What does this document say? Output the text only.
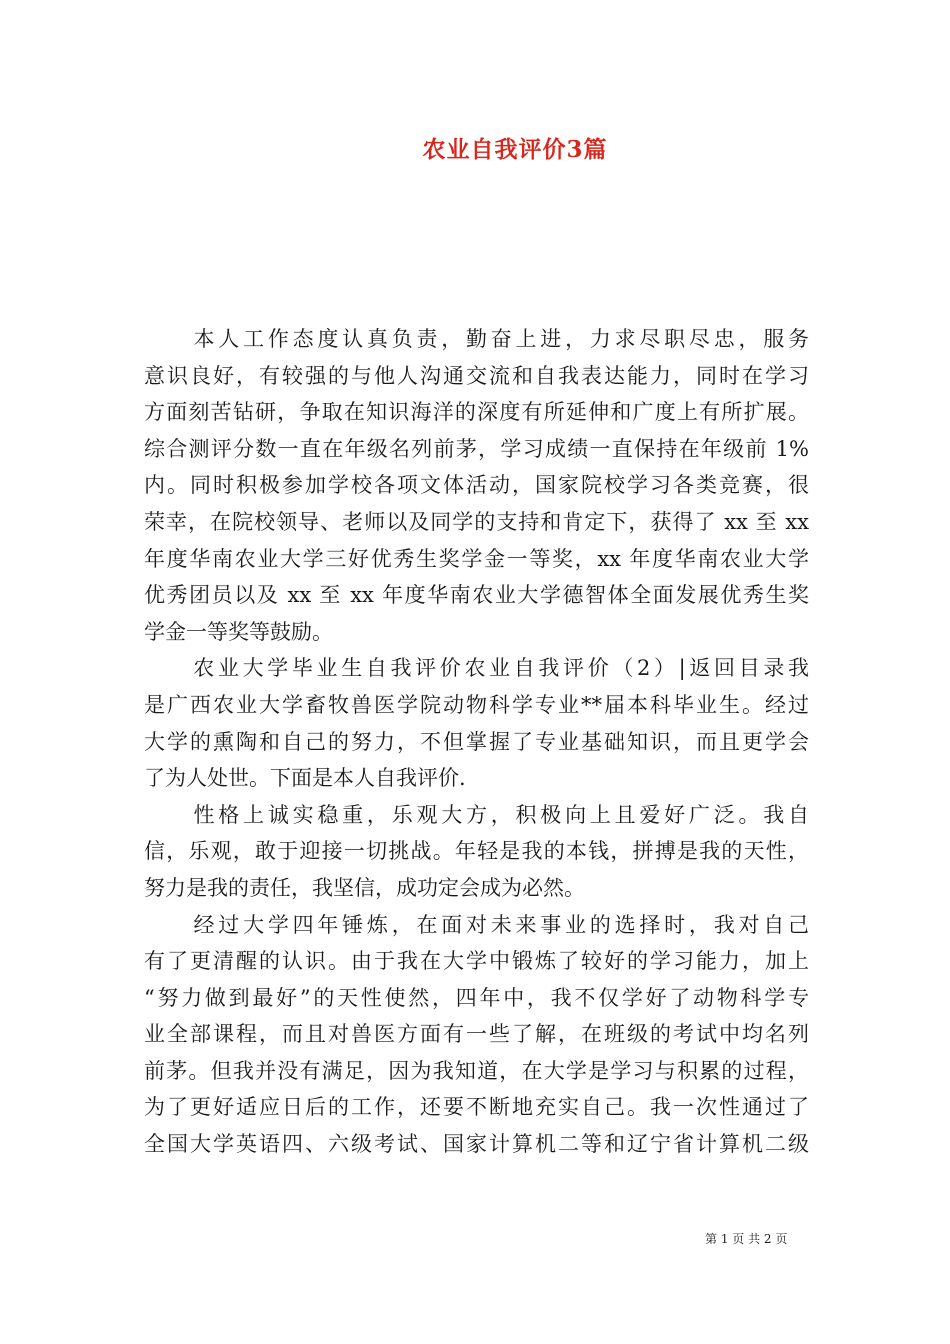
农业自我评价3篇
　　本人工作态度认真负责，勤奋上进，力求尽职尽忠，服务
意识良好，有较强的与他人沟通交流和自我表达能力，同时在学习
方面刻苦钻研，争取在知识海洋的深度有所延伸和广度上有所扩展。
综合测评分数一直在年级名列前茅，学习成绩一直保持在年级前 1%
内。同时积极参加学校各项文体活动，国家院校学习各类竞赛，很
荣幸，在院校领导、老师以及同学的支持和肯定下，获得了 xx 至 xx
年度华南农业大学三好优秀生奖学金一等奖，xx 年度华南农业大学
优秀团员以及 xx 至 xx 年度华南农业大学德智体全面发展优秀生奖
学金一等奖等鼓励。
　　农业大学毕业生自我评价农业自我评价（2）|返回目录我
是广西农业大学畜牧兽医学院动物科学专业**届本科毕业生。经过
大学的熏陶和自己的努力，不但掌握了专业基础知识，而且更学会
了为人处世。下面是本人自我评价.
　　性格上诚实稳重，乐观大方，积极向上且爱好广泛。我自
信，乐观，敢于迎接一切挑战。年轻是我的本钱，拼搏是我的天性，
努力是我的责任，我坚信，成功定会成为必然。
　　经过大学四年锤炼，在面对未来事业的选择时，我对自己
有了更清醒的认识。由于我在大学中锻炼了较好的学习能力，加上
“努力做到最好”的天性使然，四年中，我不仅学好了动物科学专
业全部课程，而且对兽医方面有一些了解，在班级的考试中均名列
前茅。但我并没有满足，因为我知道，在大学是学习与积累的过程，
为了更好适应日后的工作，还要不断地充实自己。我一次性通过了
全国大学英语四、六级考试、国家计算机二等和辽宁省计算机二级
第 1 页 共 2 页
